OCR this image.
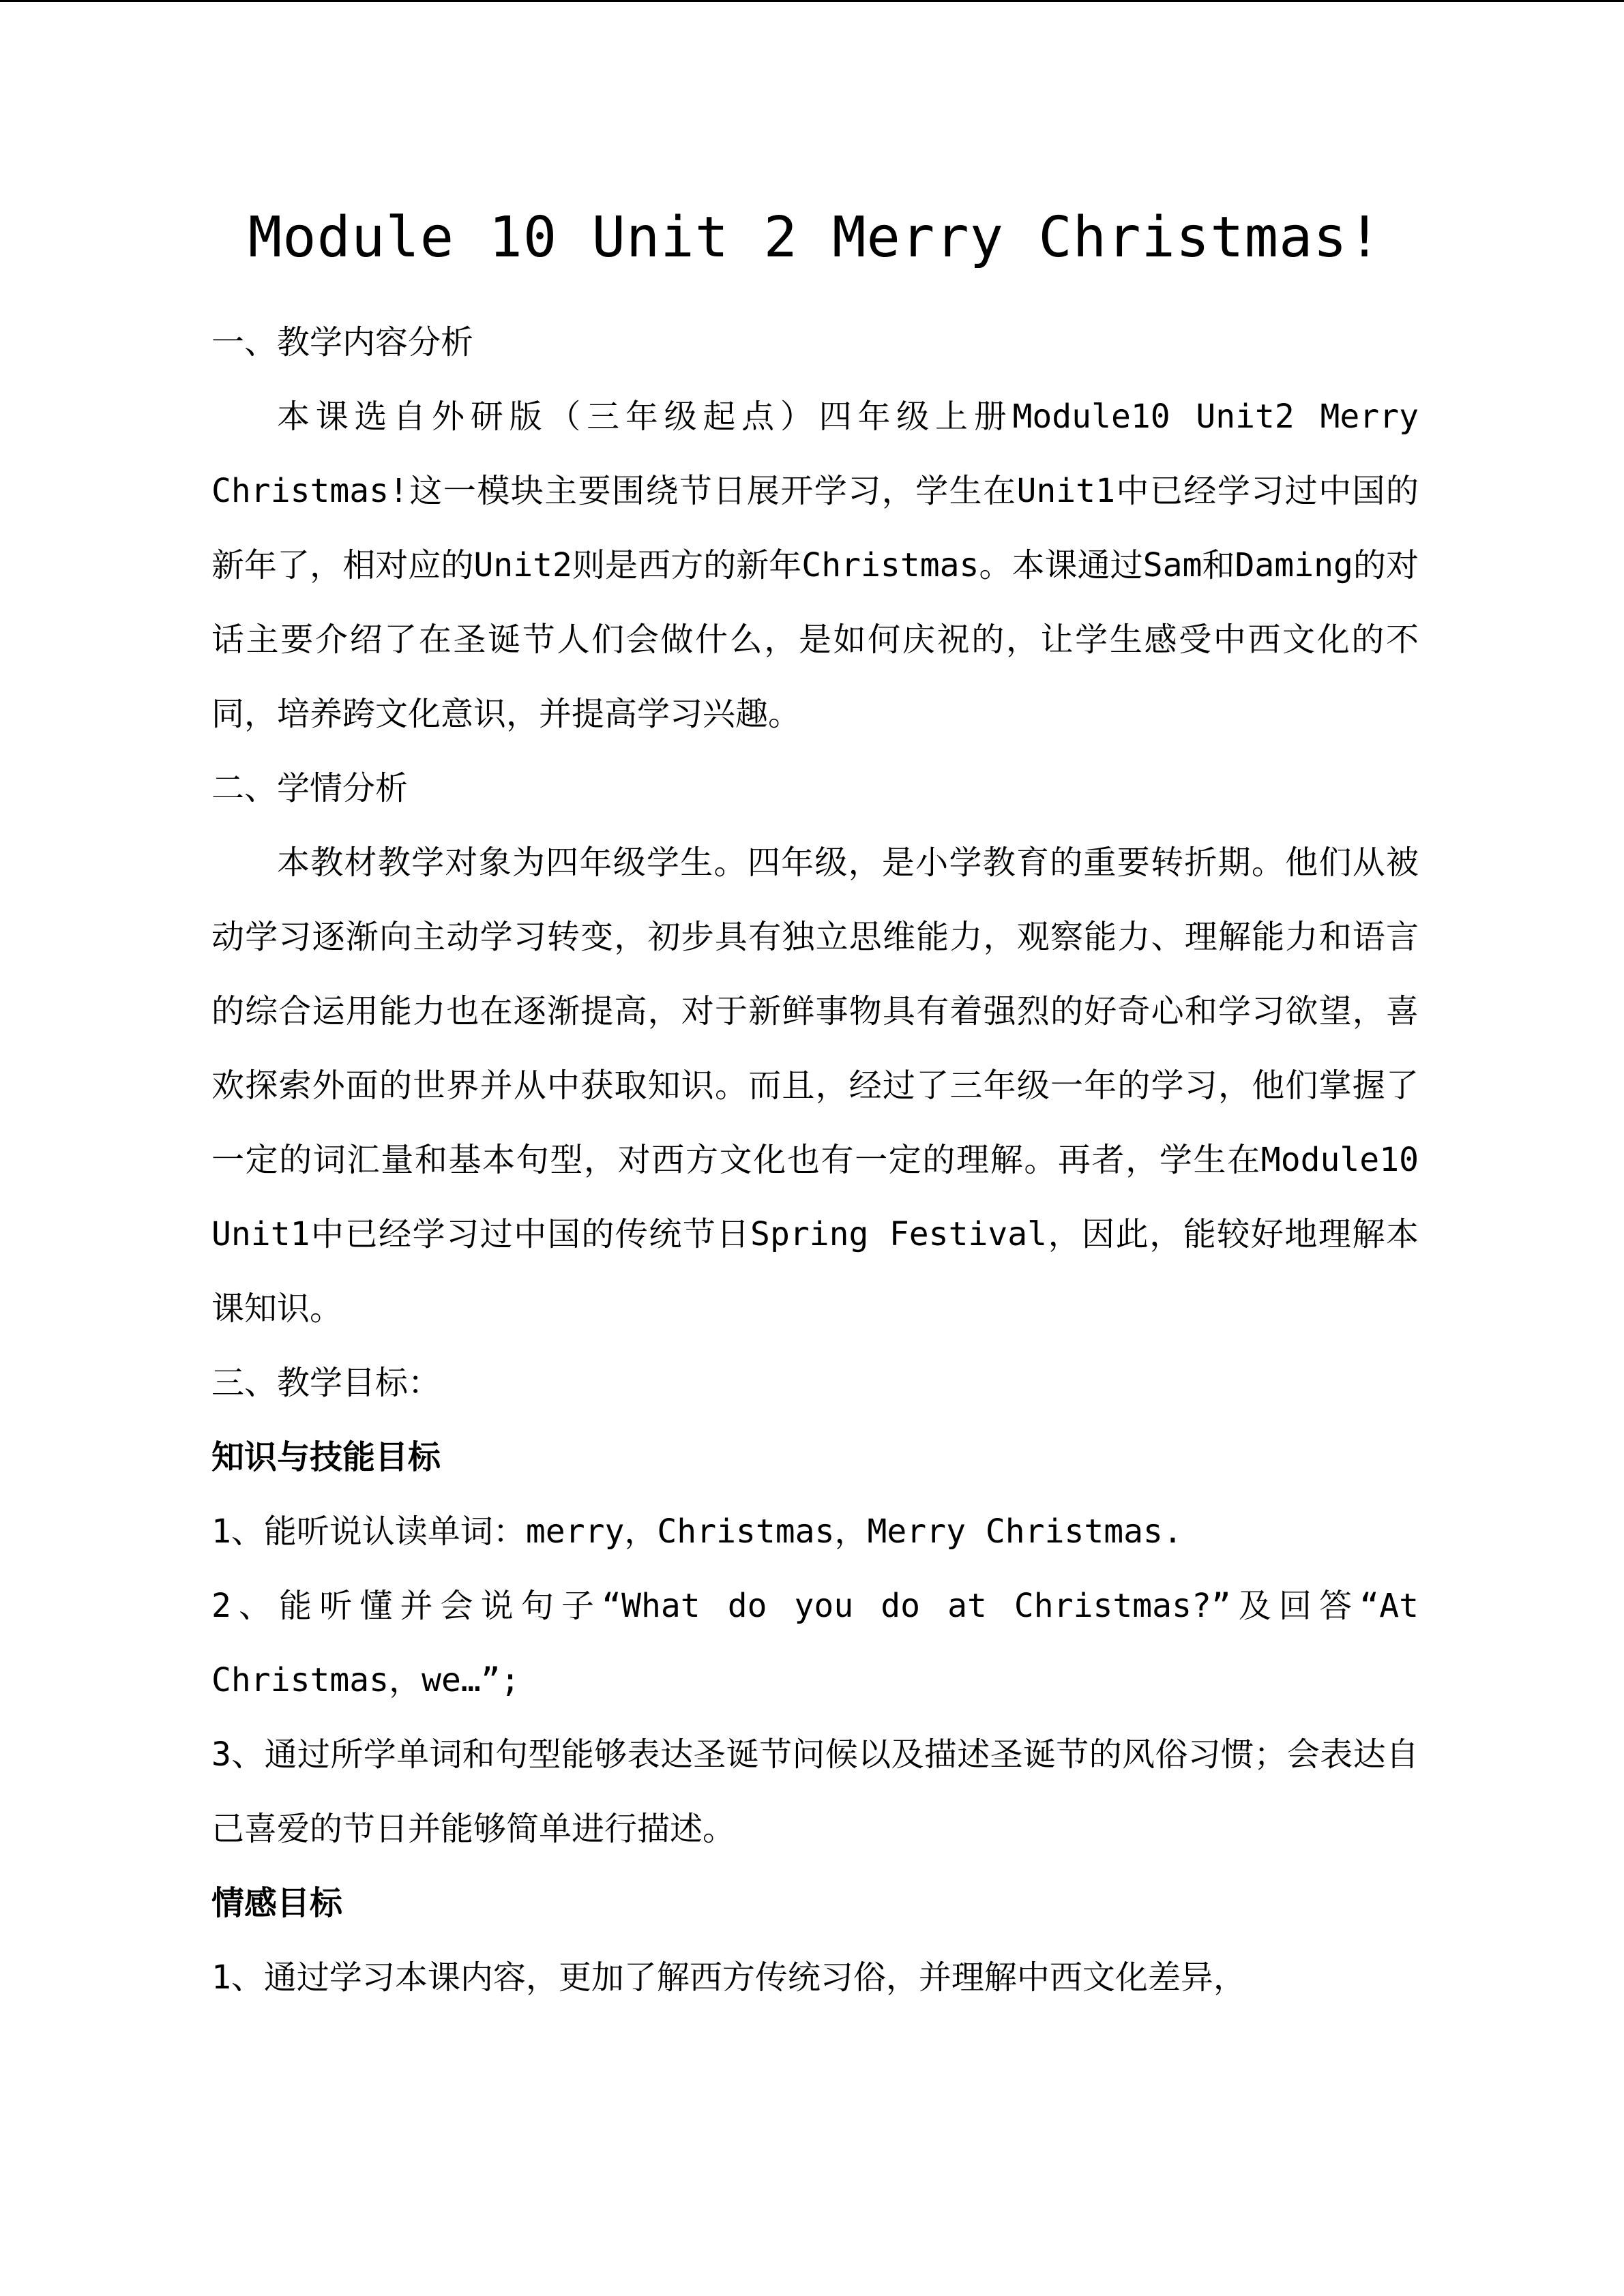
Module 10 Unit 2 Merry Christmas!

一、教学内容分析

本课选自外研版（三年级起点）四年级上册Module10 Unit2 Merry Christmas!这一模块主要围绕节日展开学习，学生在Unit1中已经学习过中国的新年了，相对应的Unit2则是西方的新年Christmas。本课通过Sam和Daming的对话主要介绍了在圣诞节人们会做什么，是如何庆祝的，让学生感受中西文化的不同，培养跨文化意识，并提高学习兴趣。

二、学情分析

本教材教学对象为四年级学生。四年级，是小学教育的重要转折期。他们从被动学习逐渐向主动学习转变，初步具有独立思维能力，观察能力、理解能力和语言的综合运用能力也在逐渐提高，对于新鲜事物具有着强烈的好奇心和学习欲望，喜欢探索外面的世界并从中获取知识。而且，经过了三年级一年的学习，他们掌握了一定的词汇量和基本句型，对西方文化也有一定的理解。再者，学生在Module10 Unit1中已经学习过中国的传统节日Spring Festival，因此，能较好地理解本课知识。

三、教学目标：

知识与技能目标

1、能听说认读单词：merry，Christmas，Merry Christmas.

2、能听懂并会说句子“What do you do at Christmas?”及回答“At Christmas，we…”;

3、通过所学单词和句型能够表达圣诞节问候以及描述圣诞节的风俗习惯；会表达自己喜爱的节日并能够简单进行描述。

情感目标

1、通过学习本课内容，更加了解西方传统习俗，并理解中西文化差异，
